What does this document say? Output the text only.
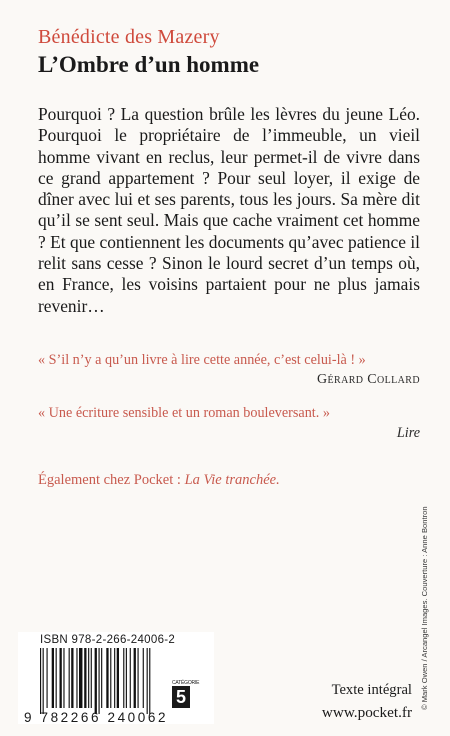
Bénédicte des Mazery
L’Ombre d’un homme

Pourquoi ? La question brûle les lèvres du jeune Léo. Pourquoi le propriétaire de l’immeuble, un vieil homme vivant en reclus, leur permet-il de vivre dans ce grand appartement ? Pour seul loyer, il exige de dîner avec lui et ses parents, tous les jours. Sa mère dit qu’il se sent seul. Mais que cache vraiment cet homme ? Et que contiennent les documents qu’avec patience il relit sans cesse ? Sinon le lourd secret d’un temps où, en France, les voisins partaient pour ne plus jamais revenir…

« S’il n’y a qu’un livre à lire cette année, c’est celui-là ! »
Gérard Collard
« Une écriture sensible et un roman bouleversant. »
Lire
Également chez Pocket : La Vie tranchée.
© Mark Owen / Arcangel Images. Couverture : Anne Bontron
ISBN 978-2-266-24006-2
9 782266 240062
CATÉGORIE
5	Texte intégral
www.pocket.fr
